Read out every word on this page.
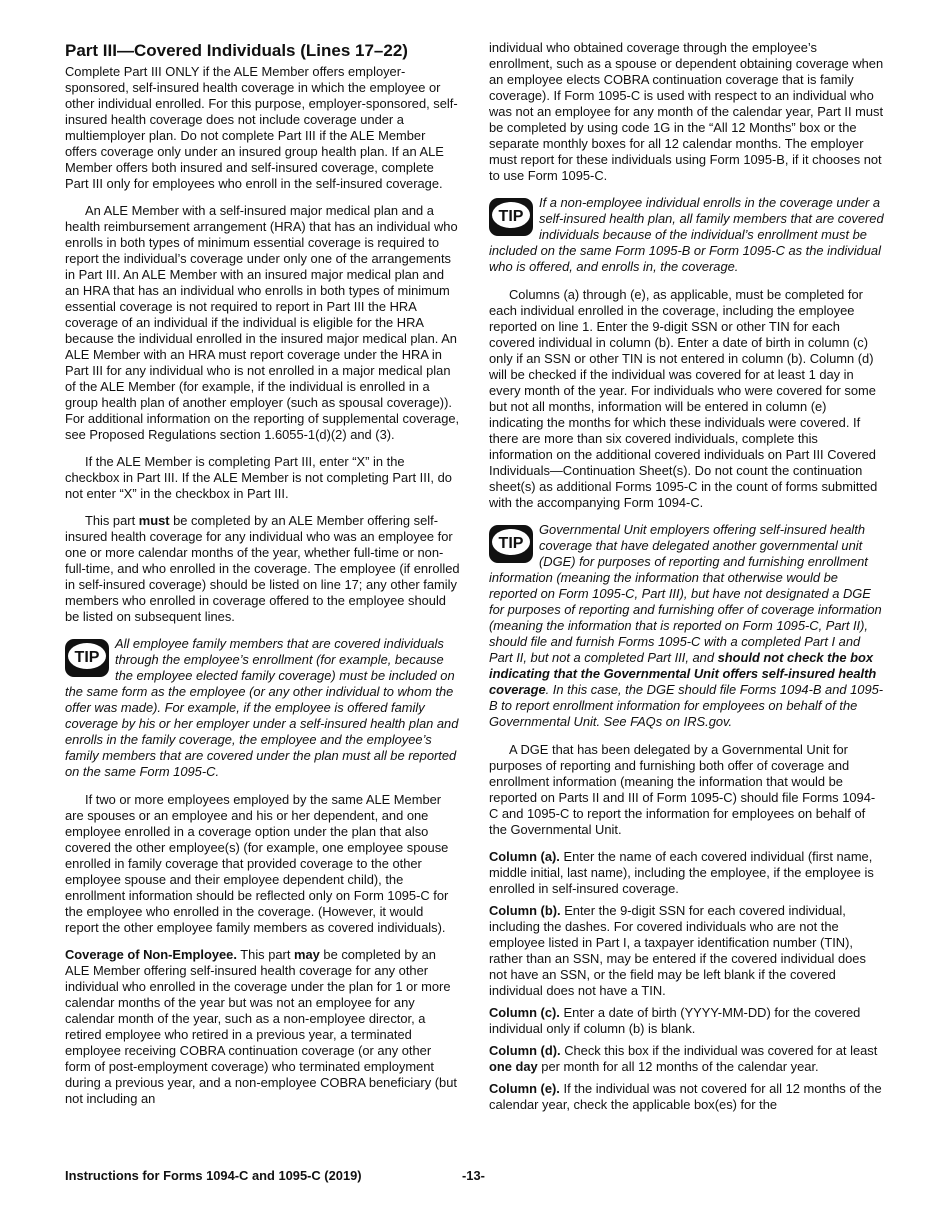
Part III—Covered Individuals (Lines 17–22)

Complete Part III ONLY if the ALE Member offers employer-sponsored, self-insured health coverage in which the employee or other individual enrolled. For this purpose, employer-sponsored, self-insured health coverage does not include coverage under a multiemployer plan. Do not complete Part III if the ALE Member offers coverage only under an insured group health plan. If an ALE Member offers both insured and self-insured coverage, complete Part III only for employees who enroll in the self-insured coverage.

An ALE Member with a self-insured major medical plan and a health reimbursement arrangement (HRA) that has an individual who enrolls in both types of minimum essential coverage is required to report the individual’s coverage under only one of the arrangements in Part III. An ALE Member with an insured major medical plan and an HRA that has an individual who enrolls in both types of minimum essential coverage is not required to report in Part III the HRA coverage of an individual if the individual is eligible for the HRA because the individual enrolled in the insured major medical plan. An ALE Member with an HRA must report coverage under the HRA in Part III for any individual who is not enrolled in a major medical plan of the ALE Member (for example, if the individual is enrolled in a group health plan of another employer (such as spousal coverage)). For additional information on the reporting of supplemental coverage, see Proposed Regulations section 1.6055-1(d)(2) and (3).

If the ALE Member is completing Part III, enter “X” in the checkbox in Part III. If the ALE Member is not completing Part III, do not enter “X” in the checkbox in Part III.

This part must be completed by an ALE Member offering self-insured health coverage for any individual who was an employee for one or more calendar months of the year, whether full-time or non-full-time, and who enrolled in the coverage. The employee (if enrolled in self-insured coverage) should be listed on line 17; any other family members who enrolled in coverage offered to the employee should be listed on subsequent lines.

TIP
All employee family members that are covered individuals through the employee’s enrollment (for example, because the employee elected family coverage) must be included on the same form as the employee (or any other individual to whom the offer was made). For example, if the employee is offered family coverage by his or her employer under a self-insured health plan and enrolls in the family coverage, the employee and the employee’s family members that are covered under the plan must all be reported on the same Form 1095-C.

If two or more employees employed by the same ALE Member are spouses or an employee and his or her dependent, and one employee enrolled in a coverage option under the plan that also covered the other employee(s) (for example, one employee spouse enrolled in family coverage that provided coverage to the other employee spouse and their employee dependent child), the enrollment information should be reflected only on Form 1095-C for the employee who enrolled in the coverage. (However, it would report the other employee family members as covered individuals).

Coverage of Non-Employee. This part may be completed by an ALE Member offering self-insured health coverage for any other individual who enrolled in the coverage under the plan for 1 or more calendar months of the year but was not an employee for any calendar month of the year, such as a non-employee director, a retired employee who retired in a previous year, a terminated employee receiving COBRA continuation coverage (or any other form of post-employment coverage) who terminated employment during a previous year, and a non-employee COBRA beneficiary (but not including an

individual who obtained coverage through the employee’s enrollment, such as a spouse or dependent obtaining coverage when an employee elects COBRA continuation coverage that is family coverage). If Form 1095-C is used with respect to an individual who was not an employee for any month of the calendar year, Part II must be completed by using code 1G in the “All 12 Months” box or the separate monthly boxes for all 12 calendar months. The employer must report for these individuals using Form 1095-B, if it chooses not to use Form 1095-C.

TIP
If a non-employee individual enrolls in the coverage under a self-insured health plan, all family members that are covered individuals because of the individual’s enrollment must be included on the same Form 1095-B or Form 1095-C as the individual who is offered, and enrolls in, the coverage.

Columns (a) through (e), as applicable, must be completed for each individual enrolled in the coverage, including the employee reported on line 1. Enter the 9-digit SSN or other TIN for each covered individual in column (b). Enter a date of birth in column (c) only if an SSN or other TIN is not entered in column (b). Column (d) will be checked if the individual was covered for at least 1 day in every month of the year. For individuals who were covered for some but not all months, information will be entered in column (e) indicating the months for which these individuals were covered. If there are more than six covered individuals, complete this information on the additional covered individuals on Part III Covered Individuals—Continuation Sheet(s). Do not count the continuation sheet(s) as additional Forms 1095-C in the count of forms submitted with the accompanying Form 1094-C.

TIP
Governmental Unit employers offering self-insured health coverage that have delegated another governmental unit (DGE) for purposes of reporting and furnishing enrollment information (meaning the information that otherwise would be reported on Form 1095-C, Part III), but have not designated a DGE for purposes of reporting and furnishing offer of coverage information (meaning the information that is reported on Form 1095-C, Part II), should file and furnish Forms 1095-C with a completed Part I and Part II, but not a completed Part III, and should not check the box indicating that the Governmental Unit offers self-insured health coverage. In this case, the DGE should file Forms 1094-B and 1095-B to report enrollment information for employees on behalf of the Governmental Unit. See FAQs on IRS.gov.

A DGE that has been delegated by a Governmental Unit for purposes of reporting and furnishing both offer of coverage and enrollment information (meaning the information that would be reported on Parts II and III of Form 1095-C) should file Forms 1094-C and 1095-C to report the information for employees on behalf of the Governmental Unit.

Column (a). Enter the name of each covered individual (first name, middle initial, last name), including the employee, if the employee is enrolled in self-insured coverage.

Column (b). Enter the 9-digit SSN for each covered individual, including the dashes. For covered individuals who are not the employee listed in Part I, a taxpayer identification number (TIN), rather than an SSN, may be entered if the covered individual does not have an SSN, or the field may be left blank if the covered individual does not have a TIN.

Column (c). Enter a date of birth (YYYY-MM-DD) for the covered individual only if column (b) is blank.

Column (d). Check this box if the individual was covered for at least one day per month for all 12 months of the calendar year.

Column (e). If the individual was not covered for all 12 months of the calendar year, check the applicable box(es) for the

Instructions for Forms 1094-C and 1095-C (2019)	-13-
